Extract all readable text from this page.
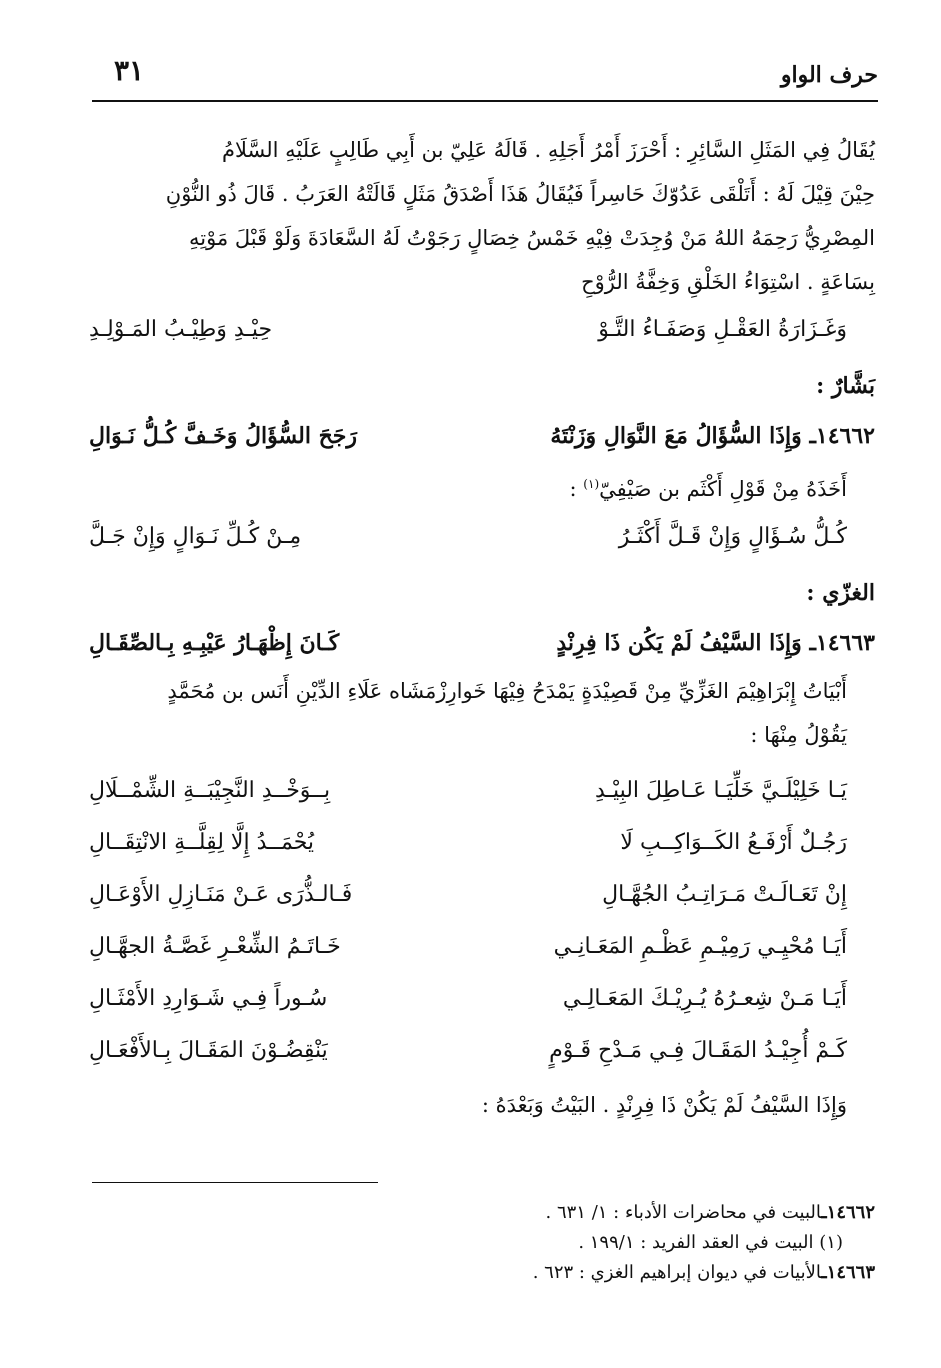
حرف الواو
٣١
يُقَالُ فِي المَثَلِ السَّائِرِ : أَحْرَزَ أَمْرُ أَجَلِهِ . قَالَهُ عَلِيّ بن أَبِي طَالِبٍ عَلَيْهِ السَّلَامُ
حِيْنَ قِيْلَ لَهُ : أَتَلْقَى عَدُوّكَ حَاسِراً فَيُقَالُ هَذَا أَصْدَقُ مَثَلٍ قَالَتْهُ العَرَبُ . قَالَ ذُو النُّوْنِ
المِصْرِيُّ رَحِمَهُ اللهُ مَنْ وُجِدَتْ فِيْهِ خَمْسُ خِصَالٍ رَجَوْتُ لَهُ السَّعَادَةَ وَلَوْ قَبْلَ مَوْتِهِ
بِسَاعَةٍ . اسْتِوَاءُ الخَلْقِ وَخِفَّةُ الرُّوْحِ
وَغَـزَارَةُ العَقْـلِ وَصَفَـاءُ التَّـوْ
حِيْـدِ وَطِيْـبُ المَـوْلِـدِ
بَشَّارٌ :
١٤٦٦٢ـ وَإِذَا السُّؤَالُ مَعَ النَّوَالِ وَزَنْتَهُ
رَجَحَ السُّؤَالُ وَخَـفَّ كُـلُّ نَـوَالِ
أَخَذَهُ مِنْ قَوْلِ أَكْثَم بن صَيْفِيّ$^{(١)}$ :
كُـلُّ سُـؤَالٍ وَإِنْ قَـلَّ أَكْثَـرُ
مِـنْ كُـلِّ نَـوَالٍ وَإِنْ جَـلَّ
الغزّي :
١٤٦٦٣ـ وَإِذَا السَّيْفُ لَمْ يَكُن ذَا فِرِنْدٍ
كَـانَ إِظْهَـارُ عَيْبِـهِ بِـالصِّقَـالِ
أَبْيَاتُ إِبْرَاهِيْمَ الغَزِّيِّ مِنْ قَصِيْدَةٍ يَمْدَحُ فِيْهَا خَوارِزْمَشَاه عَلَاءِ الدِّيْنِ أَنَس بن مُحَمَّدٍ
يَقُوْلُ مِنْهَا :
يَـا خَلِيْلَـيَّ خَلِّيَـا عَـاطِلَ البِيْـدِ
بِــوَخْــدِ النَّجِيْبَــةِ الشِّمْــلَالِ
رَجُـلٌ أَرْفَـعُ الكَــوَاكِــبِ لَا
يُحْمَــدُ إِلَّا لِقِلَّــةِ الانْتِقَــالِ
إِنْ تَعَـالَـتْ مَـرَاتِـبُ الجُهَّـالِ
فَـالـذُّرَى عَـنْ مَنَـازِلِ الأَوْعَـالِ
أَيَـا مُحْيِـي رَمِيْـمِ عَظْـمِ المَعَـانِـي
خَـاتَـمُ الشِّعْـرِ غَصَّـةُ الجهَّـالِ
أَيَـا مَـنْ شِعـرُهُ يُـرِيْـكَ المَعَـالِـي
سُـوراً فِـي شَـوَارِدِ الأَمْثَـالِ
كَـمْ أُجِيْـدُ المَقَـالَ فِـي مَـدْحِ قَـوْمٍ
يَنْقِضُـوْنَ المَقَـالَ بِـالأَفْعَـالِ
وَإِذَا السَّيْفُ لَمْ يَكُنْ ذَا فِرِنْدٍ . البَيْتُ وَبَعْدَهُ :
١٤٦٦٢ـالبيت في محاضرات الأدباء : ١/ ٦٣١ .
(١) البيت في العقد الفريد : ١٩٩/١ .
١٤٦٦٣ـالأبيات في ديوان إبراهيم الغزي : ٦٢٣ .
